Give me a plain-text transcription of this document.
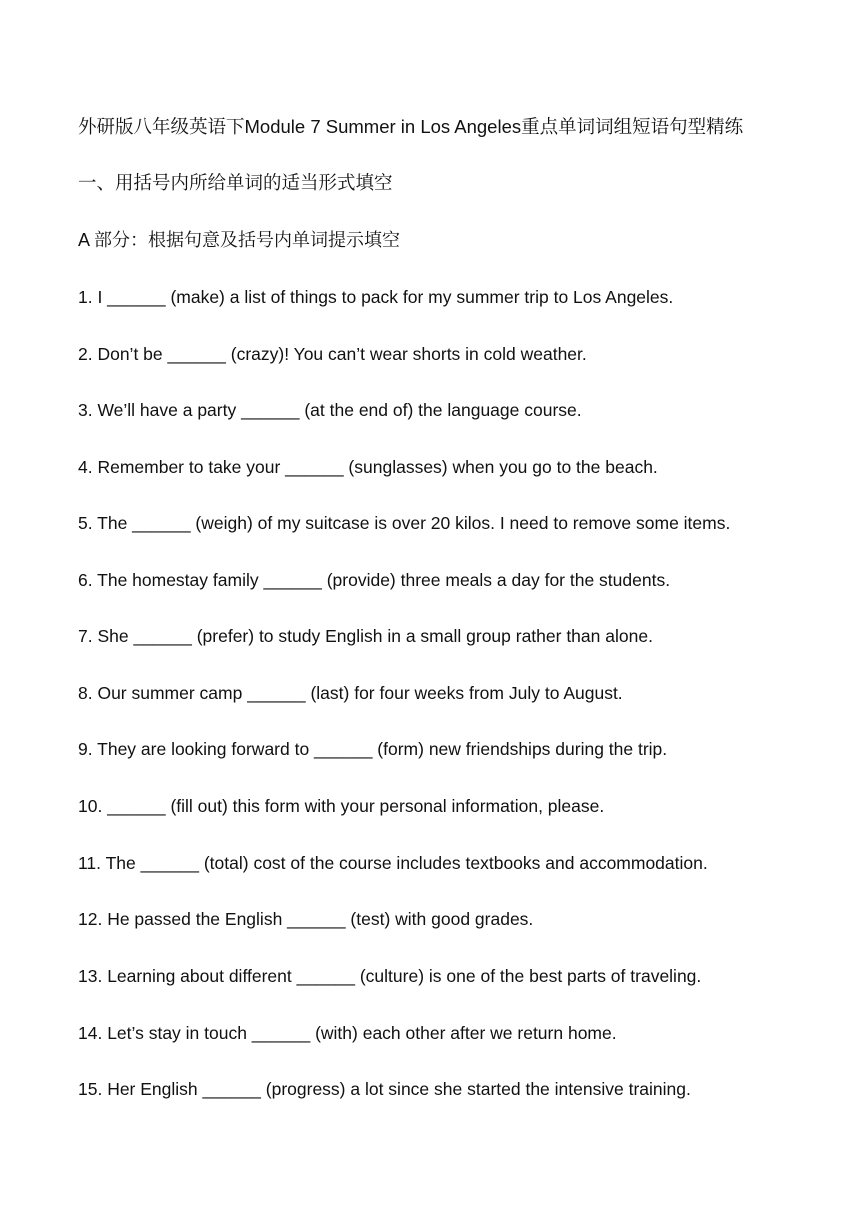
外研版八年级英语下Module 7 Summer in Los Angeles重点单词词组短语句型精练
一、用括号内所给单词的适当形式填空
A 部分：根据句意及括号内单词提示填空
1. I ______ (make) a list of things to pack for my summer trip to Los Angeles.
2. Don’t be ______ (crazy)! You can’t wear shorts in cold weather.
3. We’ll have a party ______ (at the end of) the language course.
4. Remember to take your ______ (sunglasses) when you go to the beach.
5. The ______ (weigh) of my suitcase is over 20 kilos. I need to remove some items.
6. The homestay family ______ (provide) three meals a day for the students.
7. She ______ (prefer) to study English in a small group rather than alone.
8. Our summer camp ______ (last) for four weeks from July to August.
9. They are looking forward to ______ (form) new friendships during the trip.
10. ______ (fill out) this form with your personal information, please.
11. The ______ (total) cost of the course includes textbooks and accommodation.
12. He passed the English ______ (test) with good grades.
13. Learning about different ______ (culture) is one of the best parts of traveling.
14. Let’s stay in touch ______ (with) each other after we return home.
15. Her English ______ (progress) a lot since she started the intensive training.
